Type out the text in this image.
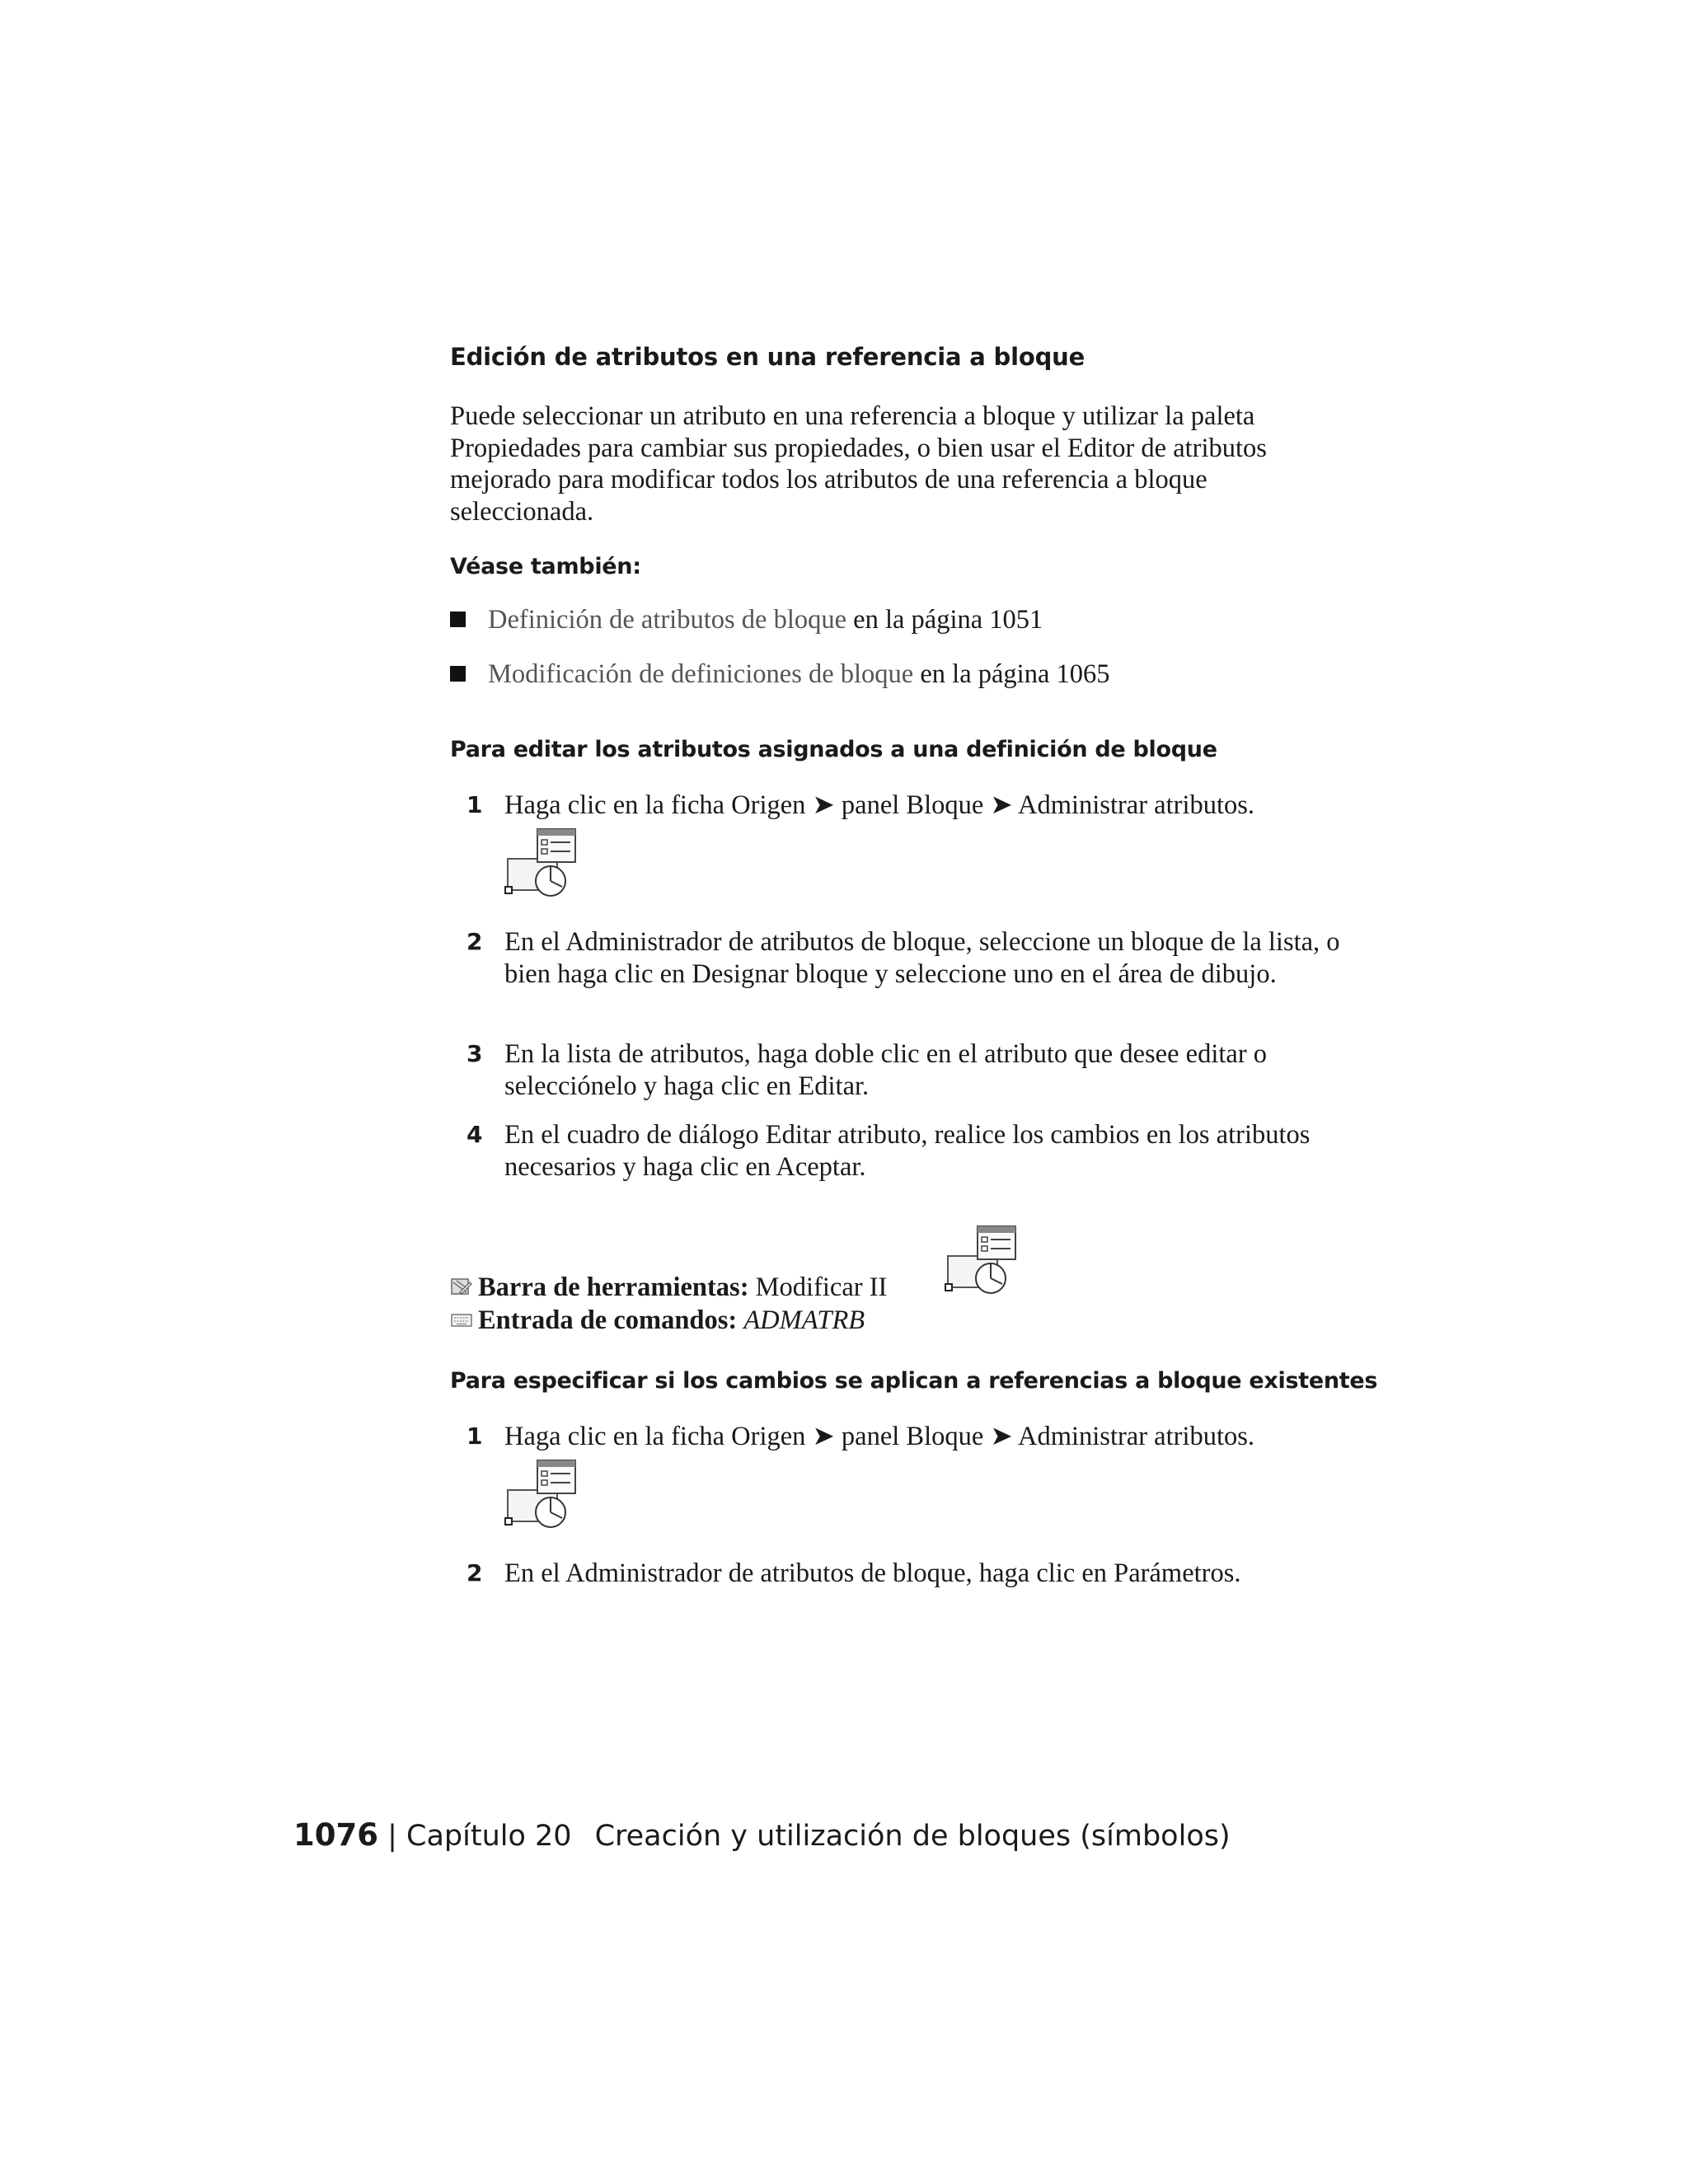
Edición de atributos en una referencia a bloque
Puede seleccionar un atributo en una referencia a bloque y utilizar la paleta Propiedades para cambiar sus propiedades, o bien usar el Editor de atributos mejorado para modificar todos los atributos de una referencia a bloque seleccionada.
Véase también:
Definición de atributos de bloque en la página 1051
Modificación de definiciones de bloque en la página 1065
Para editar los atributos asignados a una definición de bloque
1 Haga clic en la ficha Origen ➤ panel Bloque ➤ Administrar atributos.
2 En el Administrador de atributos de bloque, seleccione un bloque de la lista, o bien haga clic en Designar bloque y seleccione uno en el área de dibujo.
3 En la lista de atributos, haga doble clic en el atributo que desee editar o selecciónelo y haga clic en Editar.
4 En el cuadro de diálogo Editar atributo, realice los cambios en los atributos necesarios y haga clic en Aceptar.
Barra de herramientas: Modificar II
Entrada de comandos: ADMATRB
Para especificar si los cambios se aplican a referencias a bloque existentes
1 Haga clic en la ficha Origen ➤ panel Bloque ➤ Administrar atributos.
2 En el Administrador de atributos de bloque, haga clic en Parámetros.
1076 | Capítulo 20 Creación y utilización de bloques (símbolos)
